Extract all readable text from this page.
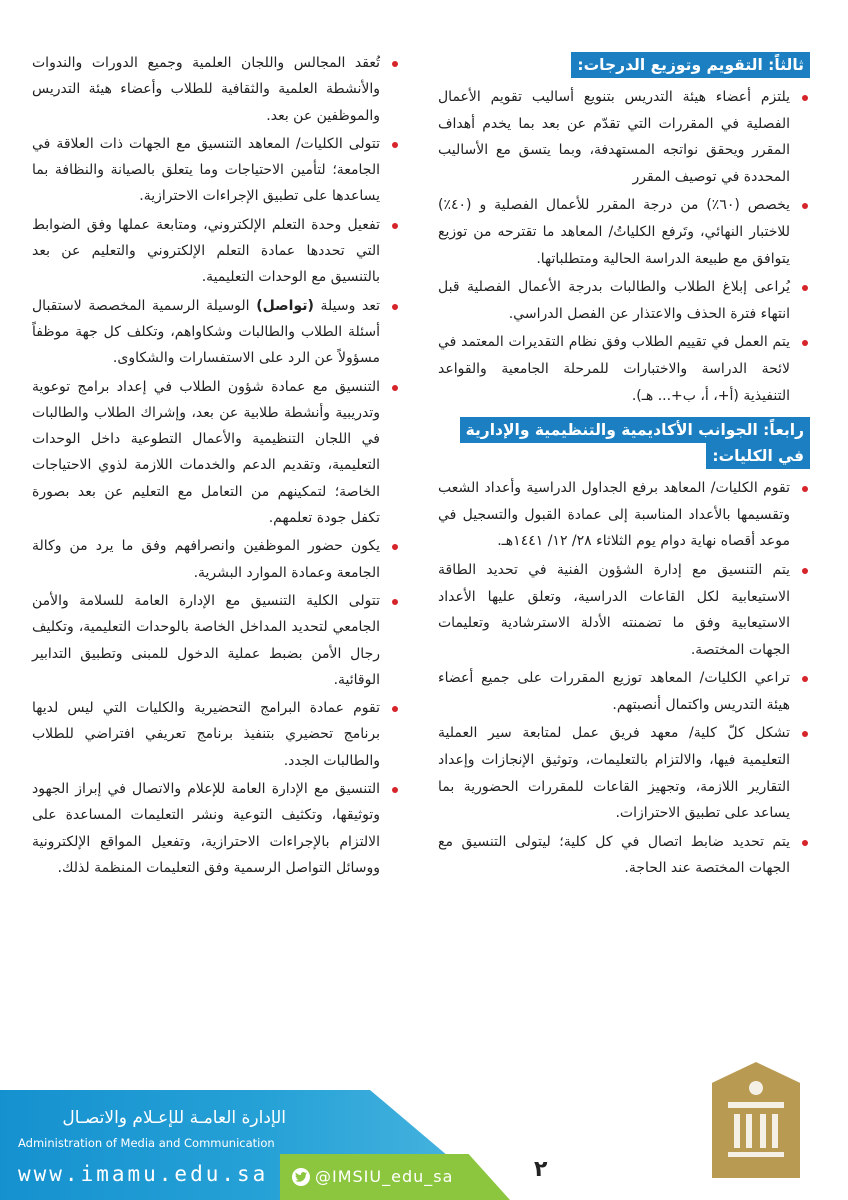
ثالثاً: التقويم وتوزيع الدرجات:
يلتزم أعضاء هيئة التدريس بتنويع أساليب تقويم الأعمال الفصلية في المقررات التي تقدّم عن بعد بما يخدم أهداف المقرر ويحقق نواتجه المستهدفة، وبما يتسق مع الأساليب المحددة في توصيف المقرر
يخصص (٦٠٪) من درجة المقرر للأعمال الفصلية و (٤٠٪) للاختبار النهائي، وتَرفع الكلياتُ/ المعاهد ما تقترحه من توزيع يتوافق مع طبيعة الدراسة الحالية ومتطلباتها.
يُراعى إبلاغ الطلاب والطالبات بدرجة الأعمال الفصلية قبل انتهاء فترة الحذف والاعتذار عن الفصل الدراسي.
يتم العمل في تقييم الطلاب وفق نظام التقديرات المعتمد في لائحة الدراسة والاختبارات للمرحلة الجامعية والقواعد التنفيذية (أ+، أ، ب+... هـ).
رابعاً: الجوانب الأكاديمية والتنظيمية والإدارية
في الكليات:
تقوم الكليات/ المعاهد برفع الجداول الدراسية وأعداد الشعب وتقسيمها بالأعداد المناسبة إلى عمادة القبول والتسجيل في موعد أقصاه نهاية دوام يوم الثلاثاء ٢٨/ ١٢/ ١٤٤١هـ.
يتم التنسيق مع إدارة الشؤون الفنية في تحديد الطاقة الاستيعابية لكل القاعات الدراسية، وتعلق عليها الأعداد الاستيعابية وفق ما تضمنته الأدلة الاسترشادية وتعليمات الجهات المختصة.
تراعي الكليات/ المعاهد توزيع المقررات على جميع أعضاء هيئة التدريس واكتمال أنصبتهم.
تشكل كلّ كلية/ معهد فريق عمل لمتابعة سير العملية التعليمية فيها، والالتزام بالتعليمات، وتوثيق الإنجازات وإعداد التقارير اللازمة، وتجهيز القاعات للمقررات الحضورية بما يساعد على تطبيق الاحترازات.
يتم تحديد ضابط اتصال في كل كلية؛ ليتولى التنسيق مع الجهات المختصة عند الحاجة.
تُعقد المجالس واللجان العلمية وجميع الدورات والندوات والأنشطة العلمية والثقافية للطلاب وأعضاء هيئة التدريس والموظفين عن بعد.
تتولى الكليات/ المعاهد التنسيق مع الجهات ذات العلاقة في الجامعة؛ لتأمين الاحتياجات وما يتعلق بالصيانة والنظافة بما يساعدها على تطبيق الإجراءات الاحترازية.
تفعيل وحدة التعلم الإلكتروني، ومتابعة عملها وفق الضوابط التي تحددها عمادة التعلم الإلكتروني والتعليم عن بعد بالتنسيق مع الوحدات التعليمية.
تعد وسيلة (تواصل) الوسيلة الرسمية المخصصة لاستقبال أسئلة الطلاب والطالبات وشكاواهم، وتكلف كل جهة موظفاً مسؤولاً عن الرد على الاستفسارات والشكاوى.
التنسيق مع عمادة شؤون الطلاب في إعداد برامج توعوية وتدريبية وأنشطة طلابية عن بعد، وإشراك الطلاب والطالبات في اللجان التنظيمية والأعمال التطوعية داخل الوحدات التعليمية، وتقديم الدعم والخدمات اللازمة لذوي الاحتياجات الخاصة؛ لتمكينهم من التعامل مع التعليم عن بعد بصورة تكفل جودة تعلمهم.
يكون حضور الموظفين وانصرافهم وفق ما يرد من وكالة الجامعة وعمادة الموارد البشرية.
تتولى الكلية التنسيق مع الإدارة العامة للسلامة والأمن الجامعي لتحديد المداخل الخاصة بالوحدات التعليمية، وتكليف رجال الأمن بضبط عملية الدخول للمبنى وتطبيق التدابير الوقائية.
تقوم عمادة البرامج التحضيرية والكليات التي ليس لديها برنامج تحضيري بتنفيذ برنامج تعريفي افتراضي للطلاب والطالبات الجدد.
التنسيق مع الإدارة العامة للإعلام والاتصال في إبراز الجهود وتوثيقها، وتكثيف التوعية ونشر التعليمات المساعدة على الالتزام بالإجراءات الاحترازية، وتفعيل المواقع الإلكترونية ووسائل التواصل الرسمية وفق التعليمات المنظمة لذلك.
الإدارة العامـة للإعـلام والاتصـال
Administration of Media and Communication
www.imamu.edu.sa	@IMSIU_edu_sa	٢
